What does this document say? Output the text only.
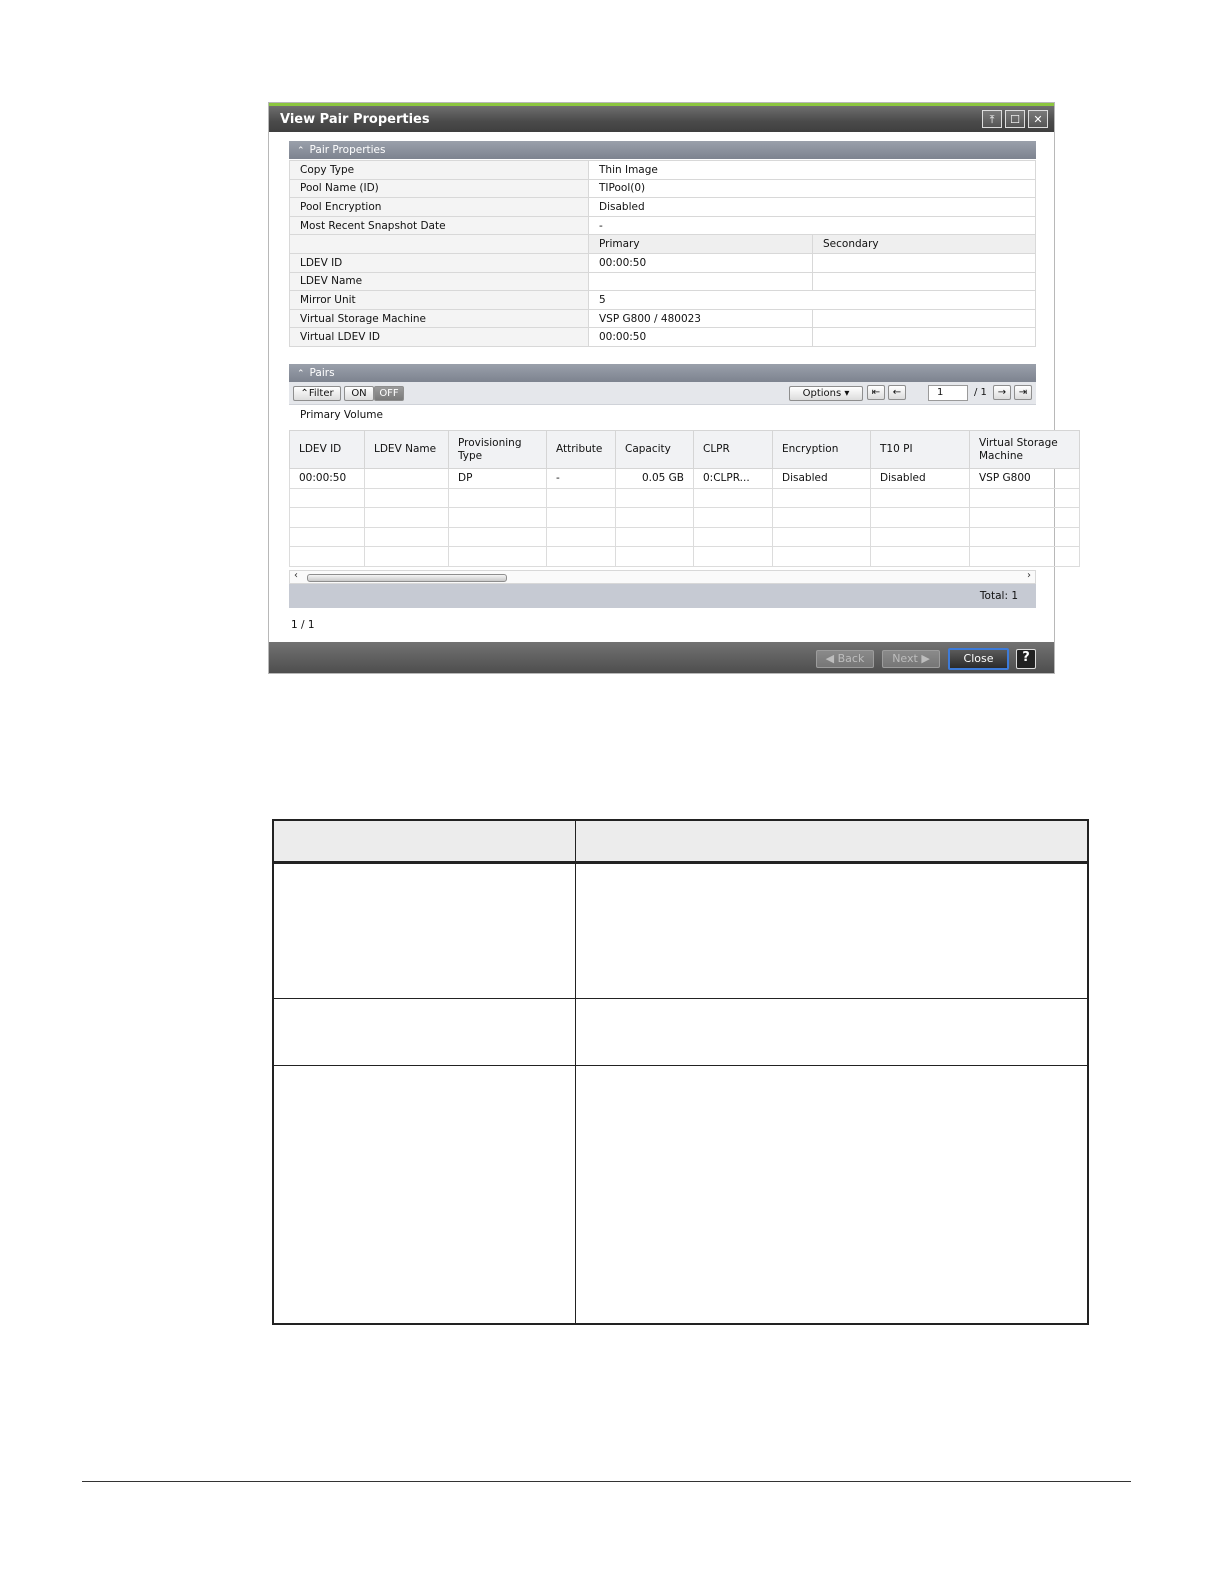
View Pair Properties	⤒	☐	✕
⌃ Pair Properties
Copy Type	Thin Image	
Pool Name (ID)	TIPool(0)	
Pool Encryption	Disabled	
Most Recent Snapshot Date	-	
	Primary	Secondary
LDEV ID	00:00:50	
LDEV Name		
Mirror Unit	5	
Virtual Storage Machine	VSP G800 / 480023	
Virtual LDEV ID	00:00:50	
⌃ Pairs
⌃Filter	ON	OFF	Options ▾	⇤	←	1	/ 1	→	⇥
Primary Volume
LDEV ID	LDEV Name	Provisioning Type	Attribute	Capacity	CLPR	Encryption	T10 PI	Virtual Storage Machine
00:00:50		DP	-	0.05 GB	0:CLPR...	Disabled	Disabled	VSP G800

‹	›
Total: 1
1 / 1
◀ Back	Next ▶	Close	?
